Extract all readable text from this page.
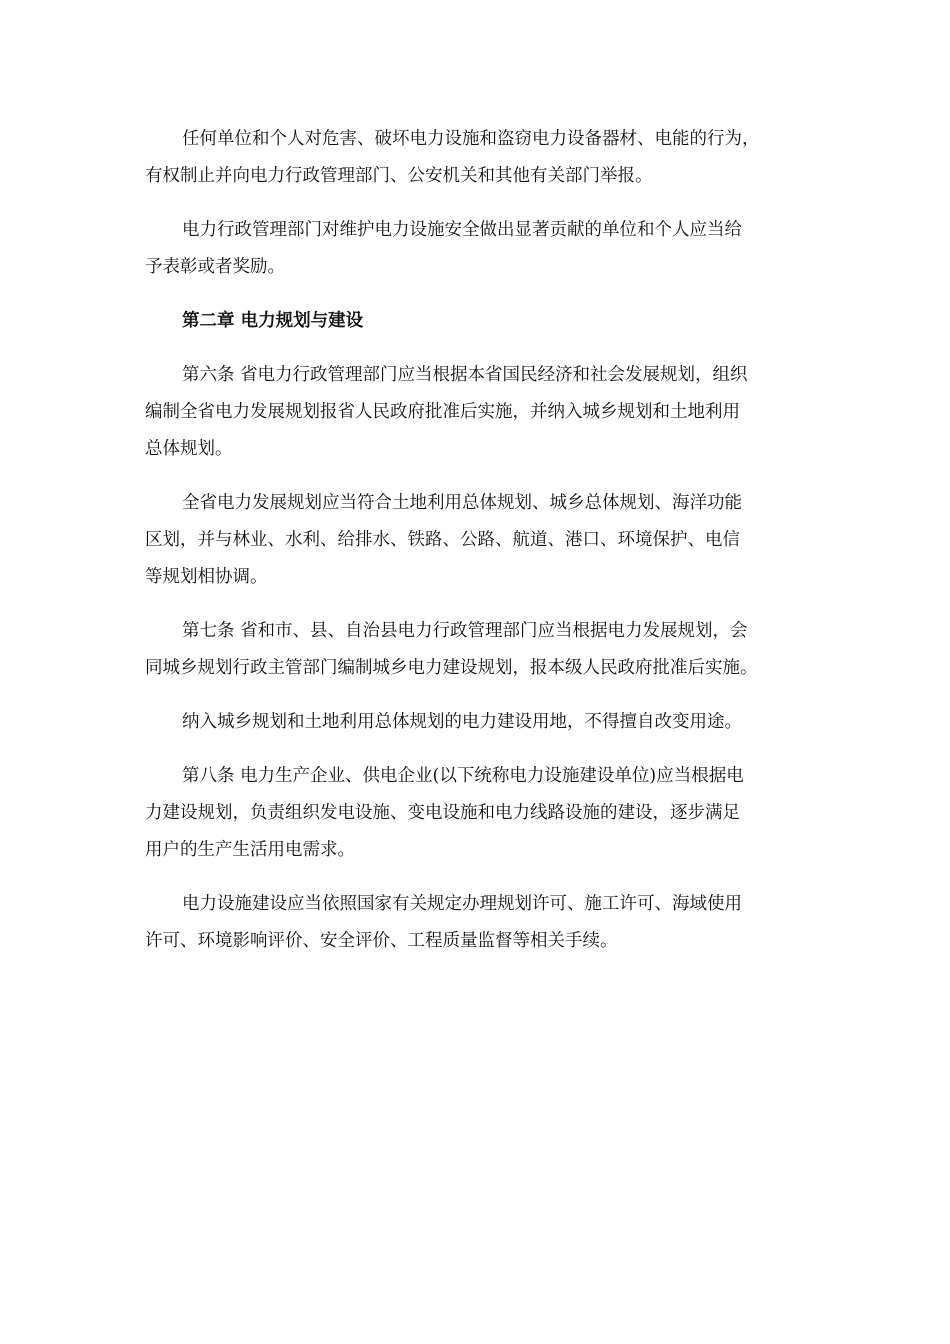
任何单位和个人对危害、破坏电力设施和盗窃电力设备器材、电能的行为，
有权制止并向电力行政管理部门、公安机关和其他有关部门举报。
电力行政管理部门对维护电力设施安全做出显著贡献的单位和个人应当给
予表彰或者奖励。
第二章 电力规划与建设
第六条 省电力行政管理部门应当根据本省国民经济和社会发展规划，组织
编制全省电力发展规划报省人民政府批准后实施，并纳入城乡规划和土地利用
总体规划。
全省电力发展规划应当符合土地利用总体规划、城乡总体规划、海洋功能
区划，并与林业、水利、给排水、铁路、公路、航道、港口、环境保护、电信
等规划相协调。
第七条 省和市、县、自治县电力行政管理部门应当根据电力发展规划，会
同城乡规划行政主管部门编制城乡电力建设规划，报本级人民政府批准后实施。
纳入城乡规划和土地利用总体规划的电力建设用地，不得擅自改变用途。
第八条 电力生产企业、供电企业(以下统称电力设施建设单位)应当根据电
力建设规划，负责组织发电设施、变电设施和电力线路设施的建设，逐步满足
用户的生产生活用电需求。
电力设施建设应当依照国家有关规定办理规划许可、施工许可、海域使用
许可、环境影响评价、安全评价、工程质量监督等相关手续。
